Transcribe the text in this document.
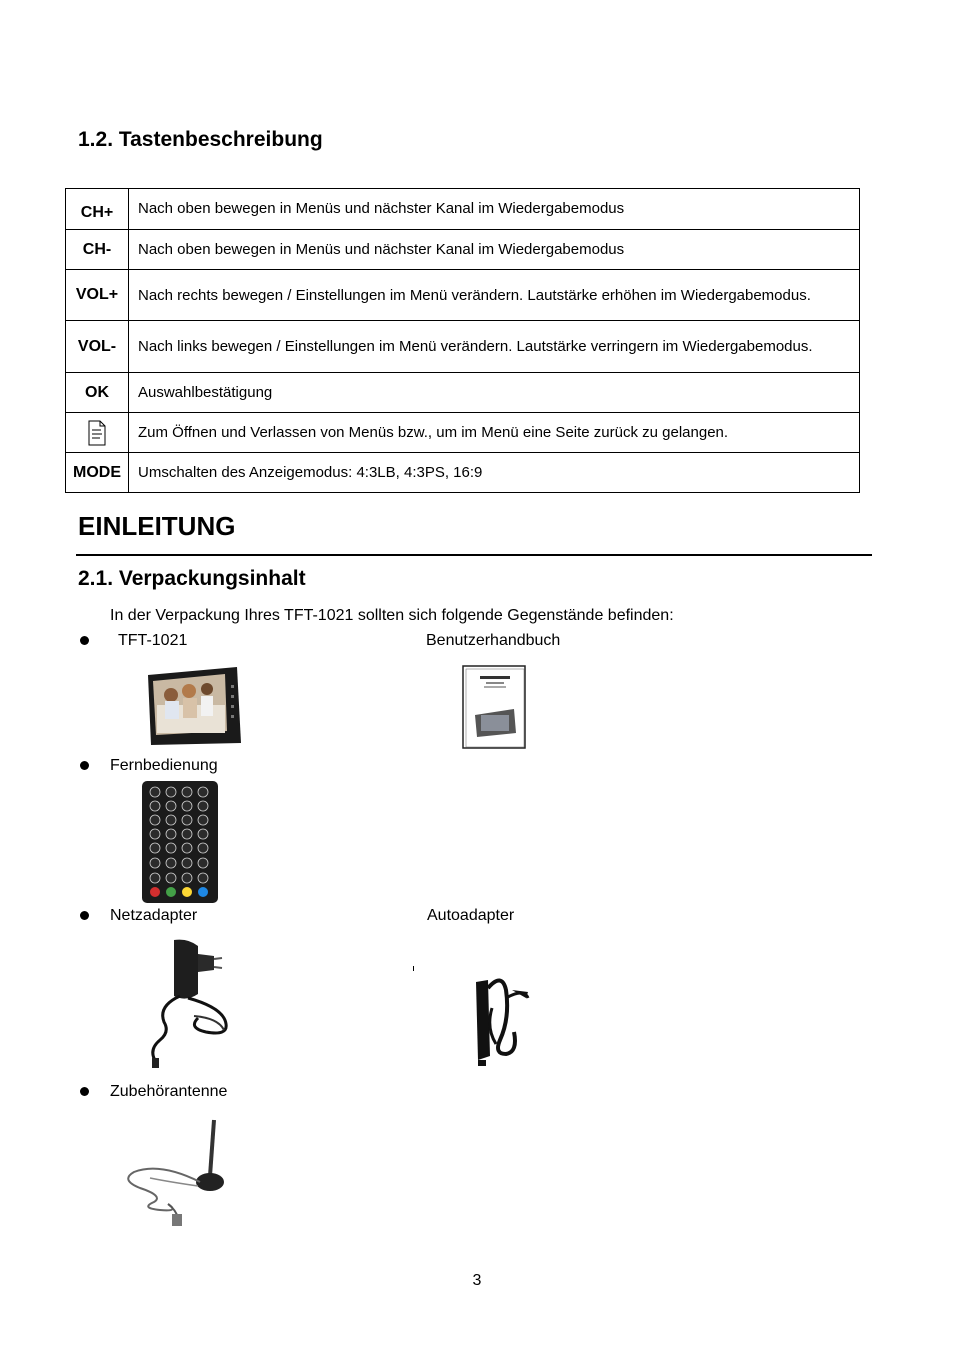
1.2. Tastenbeschreibung
CH+	Nach oben bewegen in Menüs und nächster Kanal im Wiedergabemodus
CH-	Nach oben bewegen in Menüs und nächster Kanal im Wiedergabemodus
VOL+	Nach rechts bewegen / Einstellungen im Menü verändern. Lautstärke erhöhen im Wiedergabemodus.
VOL-	Nach links bewegen / Einstellungen im Menü verändern. Lautstärke verringern im Wiedergabemodus.
OK	Auswahlbestätigung

	Zum Öffnen und Verlassen von Menüs bzw., um im Menü eine Seite zurück zu gelangen.
MODE	Umschalten des Anzeigemodus: 4:3LB, 4:3PS, 16:9
EINLEITUNG
2.1. Verpackungsinhalt
In der Verpackung Ihres TFT-1021 sollten sich folgende Gegenstände befinden:
TFT-1021	Benutzerhandbuch
Fernbedienung
Netzadapter	Autoadapter
Zubehörantenne
3
